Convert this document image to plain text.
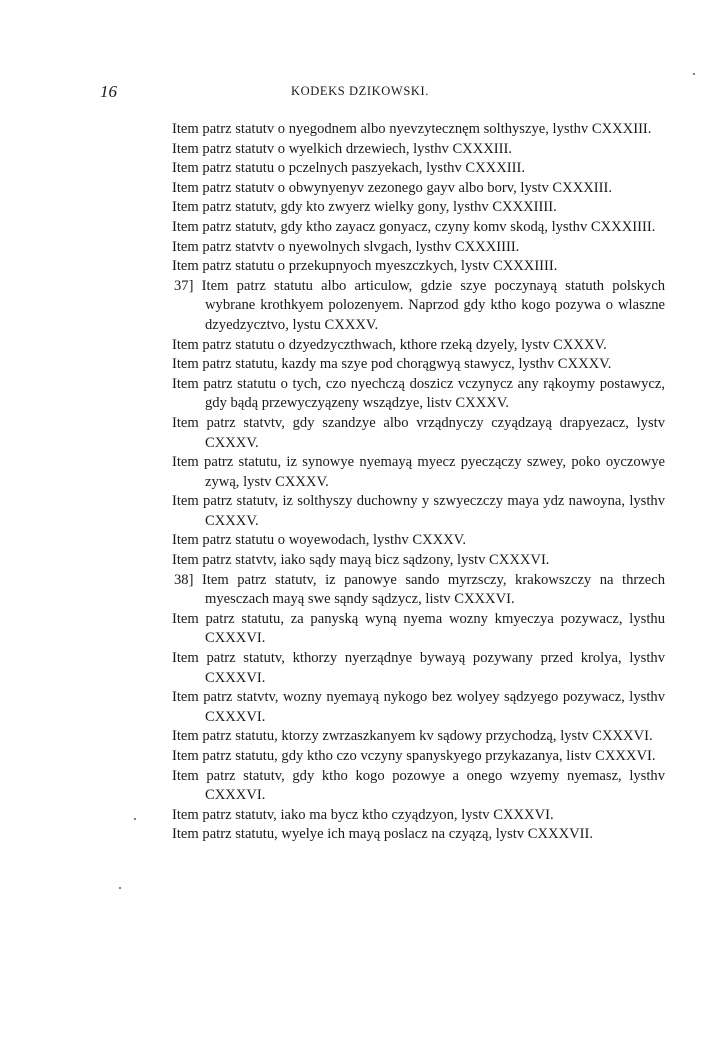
16	KODEKS DZIKOWSKI.

Item patrz statutv o nyegodnem albo nyevzytecznęm solthyszye, lysthv CXXXIII.

Item patrz statutv o wyelkich drzewiech, lysthv CXXXIII.

Item patrz statutu o pczelnych paszyekach, lysthv CXXXIII.

Item patrz statutv o obwynyenyv zezonego gayv albo borv, lystv CXXXIII.

Item patrz statutv, gdy kto zwyerz wielky gony, lysthv CXXXIIII.

Item patrz statutv, gdy ktho zayacz gonyacz, czyny komv skodą, lysthv CXXXIIII.

Item patrz statvtv o nyewolnych slvgach, lysthv CXXXIIII.

Item patrz statutu o przekupnyoch myeszczkych, lystv CXXXIIII.

37] Item patrz statutu albo articulow, gdzie szye poczynayą statuth polskych wybrane krothkyem polozenyem. Naprzod gdy ktho kogo pozywa o wlaszne dzyedzycztvo, lystu CXXXV.

Item patrz statutu o dzyedzyczthwach, kthore rzeką dzyely, lystv CXXXV.

Item patrz statutu, kazdy ma szye pod chorągwyą stawycz, lysthv CXXXV.

Item patrz statutu o tych, czo nyechczą doszicz vczynycz any rąkoymy postawycz, gdy bądą przewyczyązeny wsządzye, listv CXXXV.

Item patrz statvtv, gdy szandzye albo vrządnyczy czyądzayą drapyezacz, lystv CXXXV.

Item patrz statutu, iz synowye nyemayą myecz pyeczączy szwey, poko oyczowye zywą, lystv CXXXV.

Item patrz statutv, iz solthyszy duchowny y szwyeczczy maya ydz nawoyna, lysthv CXXXV.

Item patrz statutu o woyewodach, lysthv CXXXV.

Item patrz statvtv, iako sądy mayą bicz sądzony, lystv CXXXVI.

38] Item patrz statutv, iz panowye sando myrzsczy, krakowszczy na thrzech myesczach mayą swe sąndy sądzycz, listv CXXXVI.

Item patrz statutu, za panyską wyną nyema wozny kmyeczya pozywacz, lysthu CXXXVI.

Item patrz statutv, kthorzy nyerządnye bywayą pozywany przed krolya, lysthv CXXXVI.

Item patrz statvtv, wozny nyemayą nykogo bez wolyey sądzyego pozywacz, lysthv CXXXVI.

Item patrz statutu, ktorzy zwrzaszkanyem kv sądowy przychodzą, lystv CXXXVI.

Item patrz statutu, gdy ktho czo vczyny spanyskyego przykazanya, listv CXXXVI.

Item patrz statutv, gdy ktho kogo pozowye a onego wzyemy nyemasz, lysthv CXXXVI.

Item patrz statutv, iako ma bycz ktho czyądzyon, lystv CXXXVI.

Item patrz statutu, wyelye ich mayą poslacz na czyązą, lystv CXXXVII.
